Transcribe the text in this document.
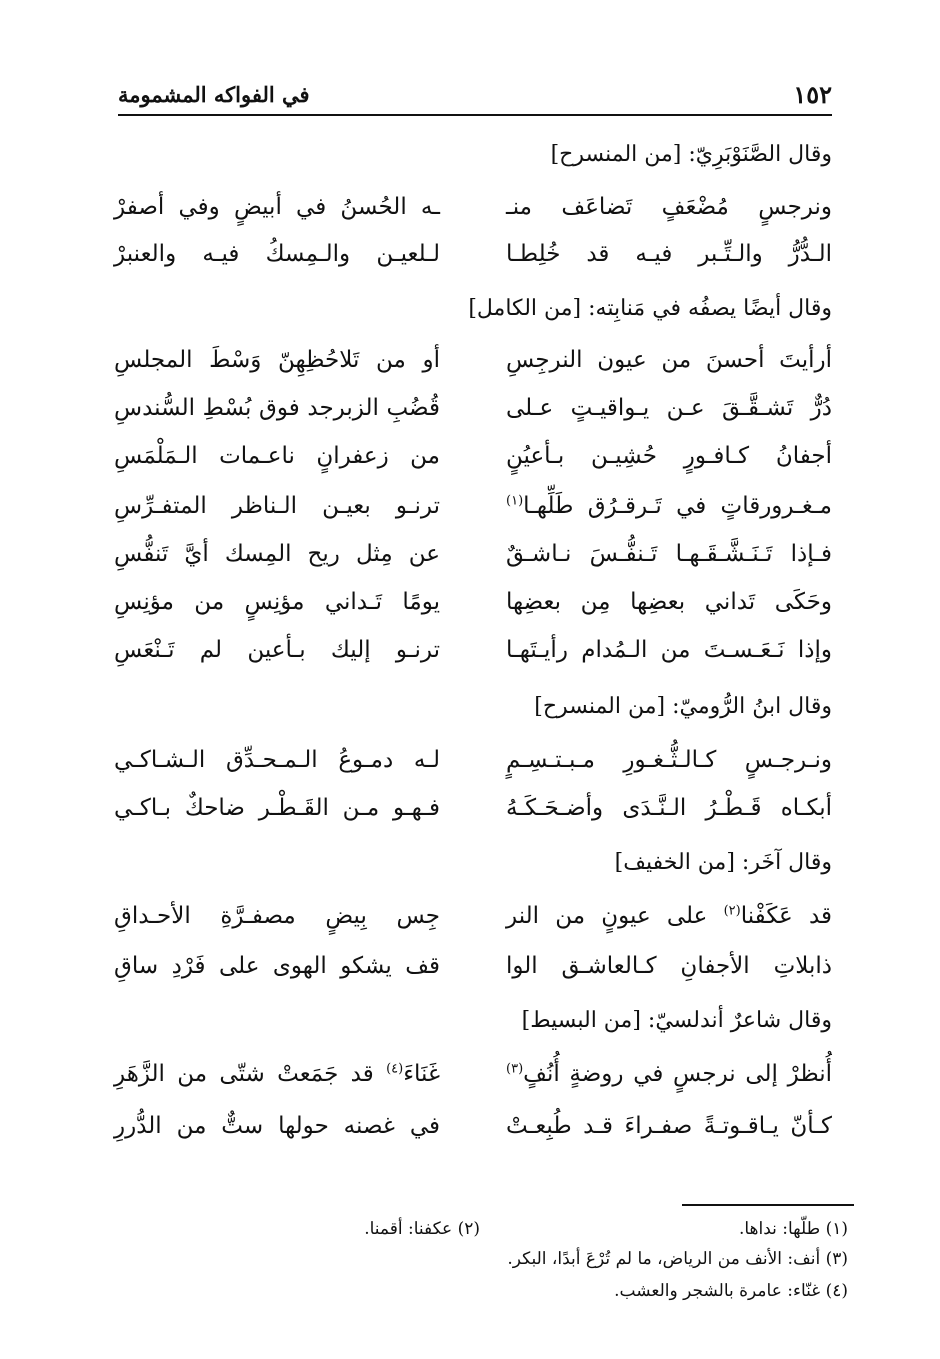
١٥٢
في الفواكه المشمومة
وقال الصَّنَوْبَرِيّ: [من المنسرح]
ونرجسٍ مُضْعَفٍ تَضاعَف منـ
ـه الحُسنُ في أبيضٍ وفي أصفرْ
الـدُّرُّ والـتِّـبر فيـه قد خُلِطـا
لـلعيـن والـمِسكُ فيـه والعنبرْ
وقال أيضًا يصفُه في مَنابِته: [من الكامل]
أرأيتَ أحسنَ من عيون النرجِسِ
أو من تَلاحُظِهِنّ وَسْطَ المجلسِ
دُرٌّ تَشـقَّـقَ عـن يـواقيـتٍ عـلى
قُضُبِ الزبرجد فوق بُسْطِ السُّندسِ
أجفانُ كـافـورٍ حُشِيـن بـأعيُنٍ
من زعفرانٍ ناعـمات الـمَلْمَسِ
مـغـرورقاتٍ في تَـرقـرُق طَلِّهـا$^{(١)}$
ترنـو بعيـن الـناظر المتفـرِّسِ
فـإذا تَـنَـشَّـقَـهـا تَـنفُّـسَ نـاشـقٌ
عن مِثل ريح المِسك أيَّ تَنفُّسِ
وحَكَى تَداني بعضِها مِن بعضِها
يومًا تَـداني مؤنِسٍ من مؤنِسِ
وإذا نَـعَـسـتَ من الـمُدام رأيـتَهـا
ترنـو إليك بـأعين لم تَـنْعَسِ
وقال ابنُ الرُّوميّ: [من المنسرح]
ونـرجـسٍ كـالـثُّـغـورِ مـبـتـسِـمٍ
لـه دمـوعُ الـمـحـدِّق الـشـاكـي
أبكـاه قَـطْـرُ الـنَّـدَى وأضـحَـكَـهُ
فـهـو مـن القَـطْـر ضاحكٌ بـاكـي
وقال آخَر: [من الخفيف]
قد عَكَفْنا$^{(٢)}$ على عيونٍ من النر
جِس بِيضٍ مصفـرَّةِ الأحـداقِ
ذابلاتِ الأجفانِ كـالعاشـق الوا
قف يشكو الهوى على فَرْدِ ساقِ
وقال شاعرٌ أندلسيّ: [من البسيط]
أُنظرْ إلى نرجسٍ في روضةٍ أُنُفٍ$^{(٣)}$
غَنَاءَ$^{(٤)}$ قد جَمَعتْ شتّى من الزَّهَرِ
كـأنّ يـاقـوتـةً صفـراءَ قـد طُبِعـتْ
في غصنه حولها ستٌّ من الدُّررِ
(١) طلّها: نداها.
(٢) عكفنا: أقمنا.
(٣) أنف: الأنف من الرياض، ما لم تُرْعَ أبدًا، البكر.
(٤) غنّاء: عامرة بالشجر والعشب.
